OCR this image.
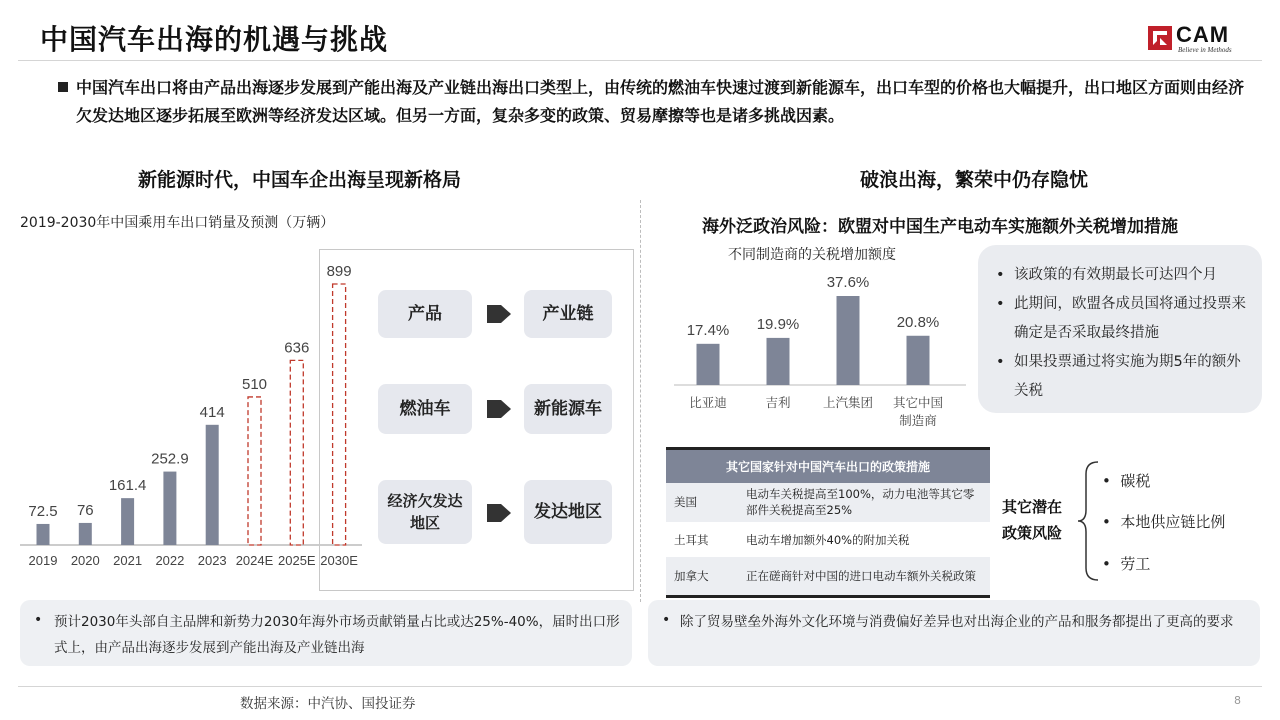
中国汽车出海的机遇与挑战	CAM
Believe in Methods
中国汽车出口将由产品出海逐步发展到产能出海及产业链出海出口类型上，由传统的燃油车快速过渡到新能源车，出口车型的价格也大幅提升，出口地区方面则由经济欠发达地区逐步拓展至欧洲等经济发达区域。但另一方面，复杂多变的政策、贸易摩擦等也是诸多挑战因素。
新能源时代，中国车企出海呈现新格局	破浪出海，繁荣中仍存隐忧
2019-2030年中国乘用车出口销量及预测（万辆）
72.5
2019
76
2020
161.4
2021
252.9
2022
414
2023
510
2024E
636
2025E
899
2030E
产品	产业链
燃油车	新能源车
经济欠发达地区
发达地区
• 预计2030年头部自主品牌和新势力2030年海外市场贡献销量占比或达25%-40%，届时出口形式上，由产品出海逐步发展到产能出海及产业链出海
海外泛政治风险：欧盟对中国生产电动车实施额外关税增加措施
不同制造商的关税增加额度
17.4%
比亚迪
19.9%
吉利
37.6%
上汽集团
20.8%
其它中国制造商
• 该政策的有效期最长可达四个月
• 此期间，欧盟各成员国将通过投票来确定是否采取最终措施
• 如果投票通过将实施为期5年的额外关税
其它国家针对中国汽车出口的政策措施	
美国	电动车关税提高至100%，动力电池等其它零部件关税提高至25%
土耳其	电动车增加额外40%的附加关税
加拿大	正在磋商针对中国的进口电动车额外关税政策
其它潜在政策风险
•  碳税
•  本地供应链比例
•  劳工
• 除了贸易壁垒外海外文化环境与消费偏好差异也对出海企业的产品和服务都提出了更高的要求
数据来源：中汽协、国投证券	8
